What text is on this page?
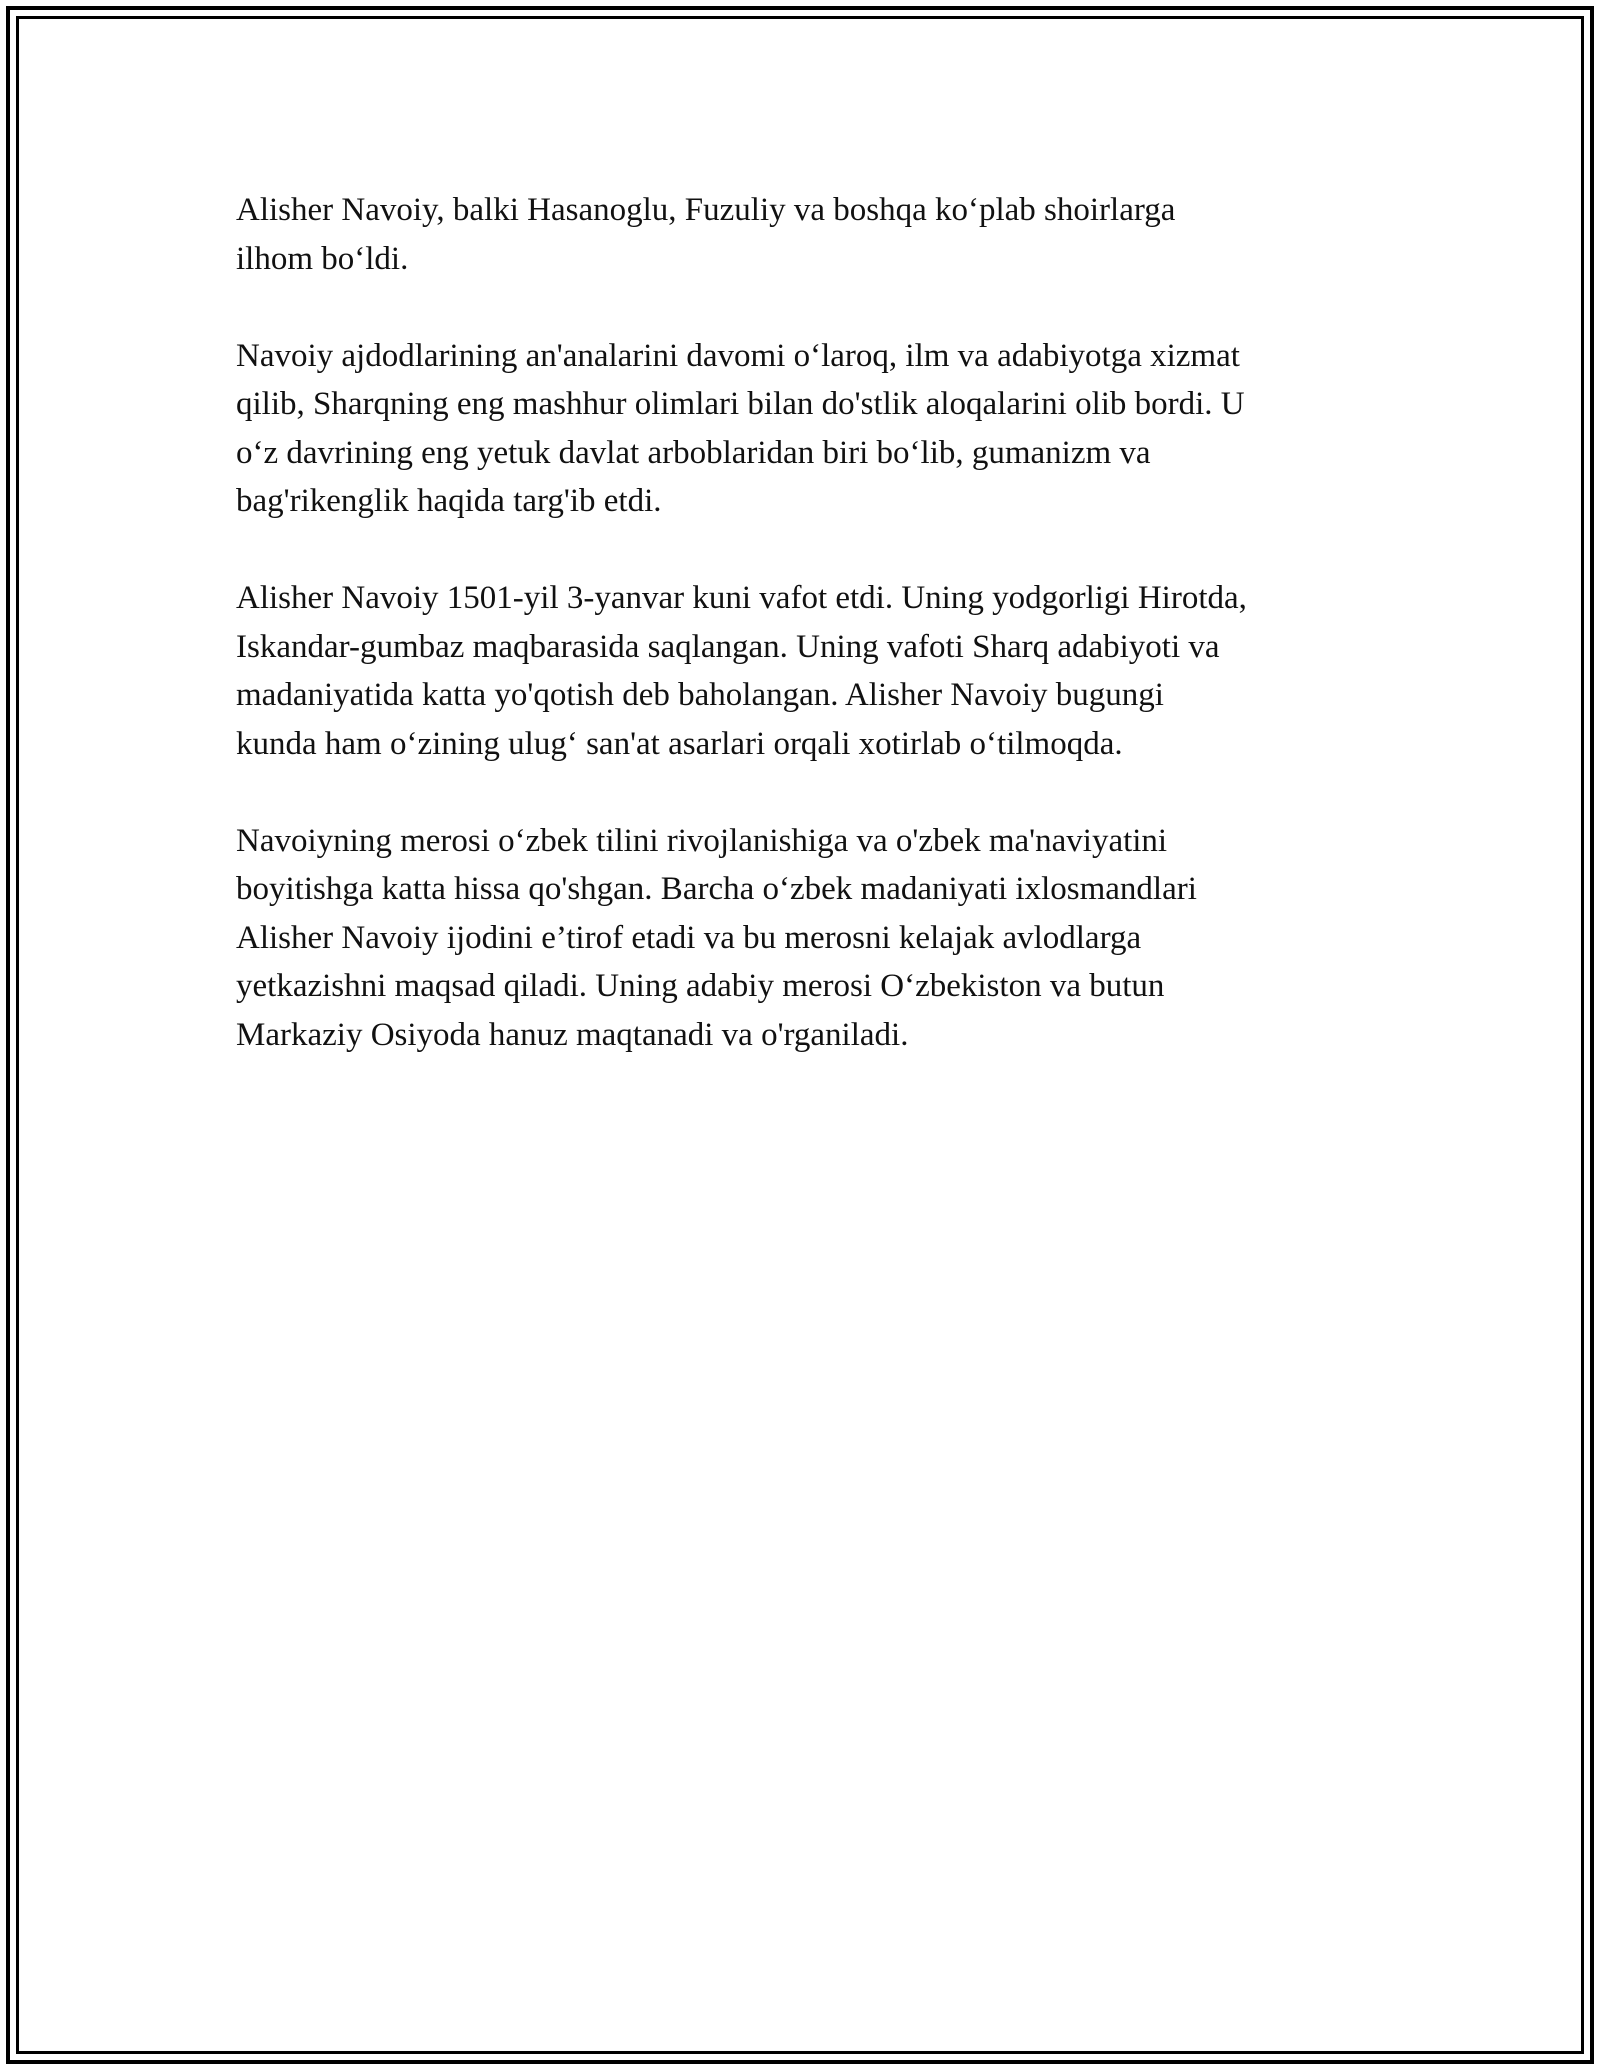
Alisher Navoiy, balki Hasanoglu, Fuzuliy va boshqa ko‘plab shoirlarga
ilhom bo‘ldi.

Navoiy ajdodlarining an'analarini davomi o‘laroq, ilm va adabiyotga xizmat
qilib, Sharqning eng mashhur olimlari bilan do'stlik aloqalarini olib bordi. U
o‘z davrining eng yetuk davlat arboblaridan biri bo‘lib, gumanizm va
bag'rikenglik haqida targ'ib etdi.

Alisher Navoiy 1501-yil 3-yanvar kuni vafot etdi. Uning yodgorligi Hirotda,
Iskandar-gumbaz maqbarasida saqlangan. Uning vafoti Sharq adabiyoti va
madaniyatida katta yo'qotish deb baholangan. Alisher Navoiy bugungi
kunda ham o‘zining ulug‘ san'at asarlari orqali xotirlab o‘tilmoqda.

Navoiyning merosi o‘zbek tilini rivojlanishiga va o'zbek ma'naviyatini
boyitishga katta hissa qo'shgan. Barcha o‘zbek madaniyati ixlosmandlari
Alisher Navoiy ijodini e’tirof etadi va bu merosni kelajak avlodlarga
yetkazishni maqsad qiladi. Uning adabiy merosi O‘zbekiston va butun
Markaziy Osiyoda hanuz maqtanadi va o'rganiladi.
